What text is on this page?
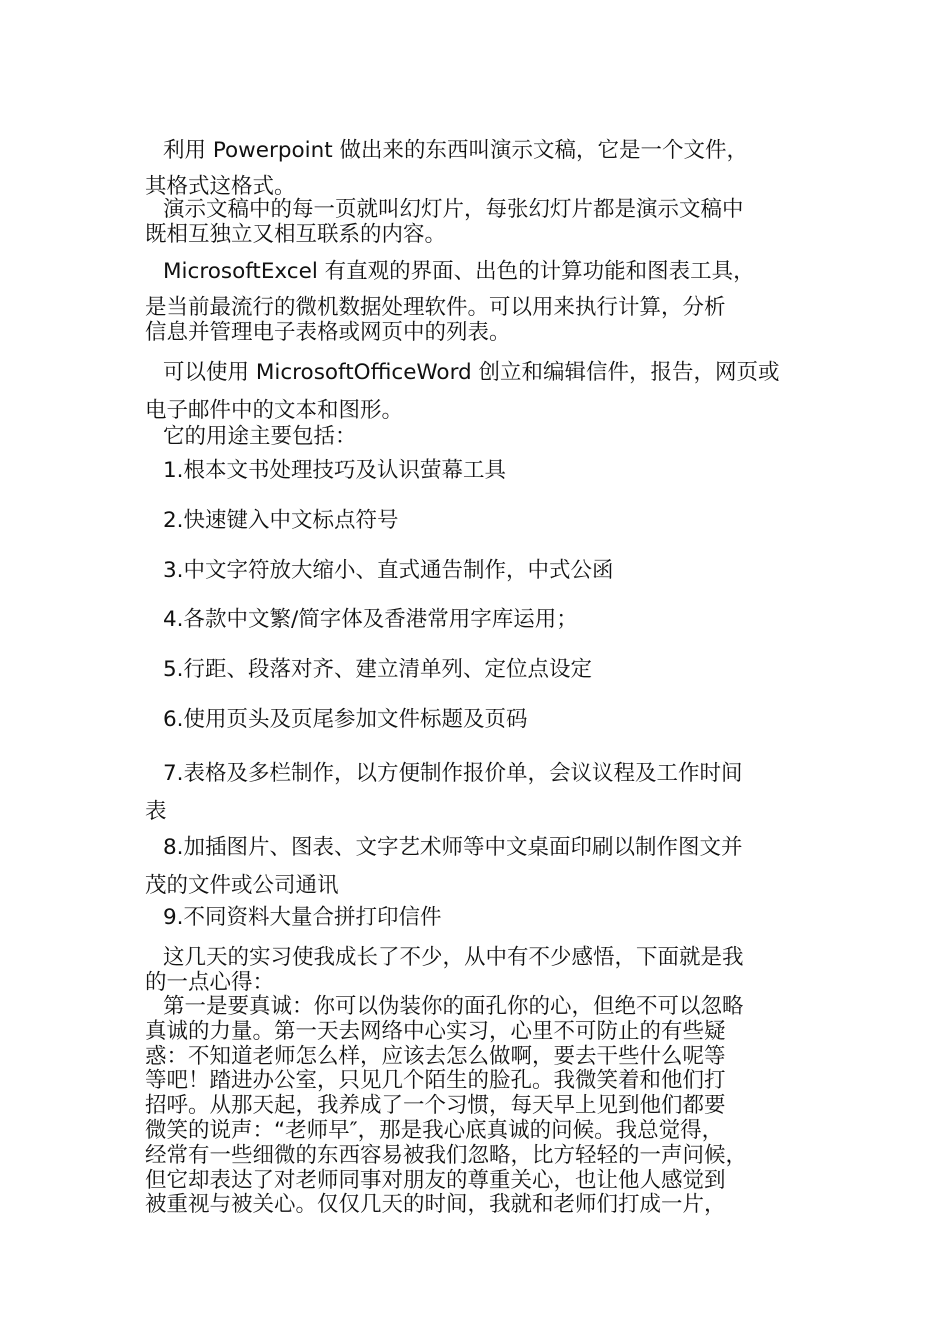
利用 Powerpoint 做出来的东西叫演示文稿，它是一个文件，
其格式这格式。
演示文稿中的每一页就叫幻灯片，每张幻灯片都是演示文稿中
既相互独立又相互联系的内容。
MicrosoftExcel 有直观的界面、出色的计算功能和图表工具，
是当前最流行的微机数据处理软件。可以用来执行计算，分析
信息并管理电子表格或网页中的列表。
可以使用 MicrosoftOfficeWord 创立和编辑信件，报告，网页或
电子邮件中的文本和图形。
它的用途主要包括：
1.根本文书处理技巧及认识萤幕工具
2.快速键入中文标点符号
3.中文字符放大缩小、直式通告制作，中式公函
4.各款中文繁/简字体及香港常用字库运用；
5.行距、段落对齐、建立清单列、定位点设定
6.使用页头及页尾参加文件标题及页码
7.表格及多栏制作，以方便制作报价单，会议议程及工作时间
表
8.加插图片、图表、文字艺术师等中文桌面印刷以制作图文并
茂的文件或公司通讯
9.不同资料大量合拼打印信件
这几天的实习使我成长了不少，从中有不少感悟，下面就是我
的一点心得：
第一是要真诚：你可以伪装你的面孔你的心，但绝不可以忽略
真诚的力量。第一天去网络中心实习，心里不可防止的有些疑
惑：不知道老师怎么样，应该去怎么做啊，要去干些什么呢等
等吧！踏进办公室，只见几个陌生的脸孔。我微笑着和他们打
招呼。从那天起，我养成了一个习惯，每天早上见到他们都要
微笑的说声：“老师早″，那是我心底真诚的问候。我总觉得，
经常有一些细微的东西容易被我们忽略，比方轻轻的一声问候，
但它却表达了对老师同事对朋友的尊重关心，也让他人感觉到
被重视与被关心。仅仅几天的时间，我就和老师们打成一片，
